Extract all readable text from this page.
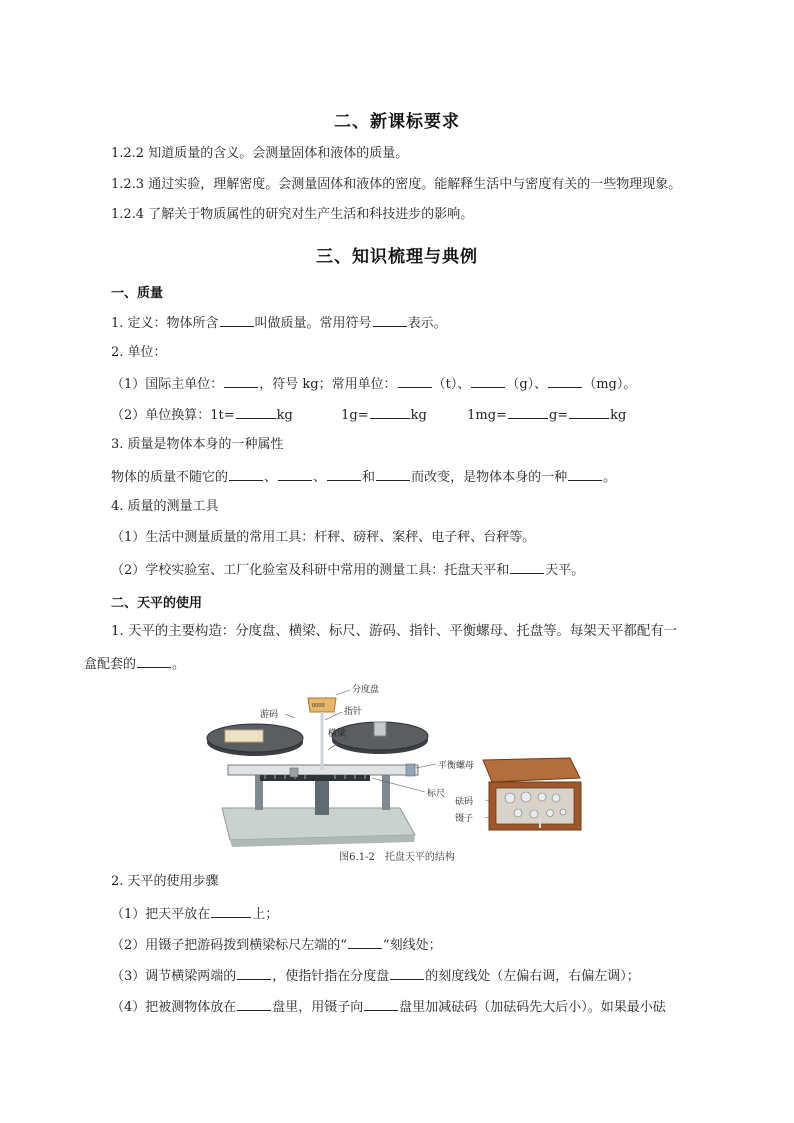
二、新课标要求
1.2.2 知道质量的含义。会测量固体和液体的质量。
1.2.3 通过实验，理解密度。会测量固体和液体的密度。能解释生活中与密度有关的一些物理现象。
1.2.4 了解关于物质属性的研究对生产生活和科技进步的影响。
三、知识梳理与典例
一、质量
1. 定义：物体所含	叫做质量。常用符号	表示。
2. 单位：
（1）国际主单位：	，符号 kg；常用单位：	（t）、	（g）、	（mg）。
（2）单位换算：1t=	kg	1g=	kg	1mg=	g=	kg
3. 质量是物体本身的一种属性
物体的质量不随它的	、	、	和	而改变，是物体本身的一种	。
4. 质量的测量工具
（1）生活中测量质量的常用工具：杆秤、磅秤、案秤、电子秤、台秤等。
（2）学校实验室、工厂化验室及科研中常用的测量工具：托盘天平和	天平。
二、天平的使用
1. 天平的主要构造：分度盘、横梁、标尺、游码、指针、平衡螺母、托盘等。每架天平都配有一
盒配套的	。
0000
分度盘
游码	指针
横梁
平衡螺母
标尺
砝码
镊子
图6.1-2　托盘天平的结构
2. 天平的使用步骤
（1）把天平放在	上；
（2）用镊子把游码拨到横梁标尺左端的“	”刻线处；
（3）调节横梁两端的	，使指针指在分度盘	的刻度线处（左偏右调，右偏左调）；
（4）把被测物体放在	盘里，用镊子向	盘里加减砝码（加砝码先大后小）。如果最小砝
